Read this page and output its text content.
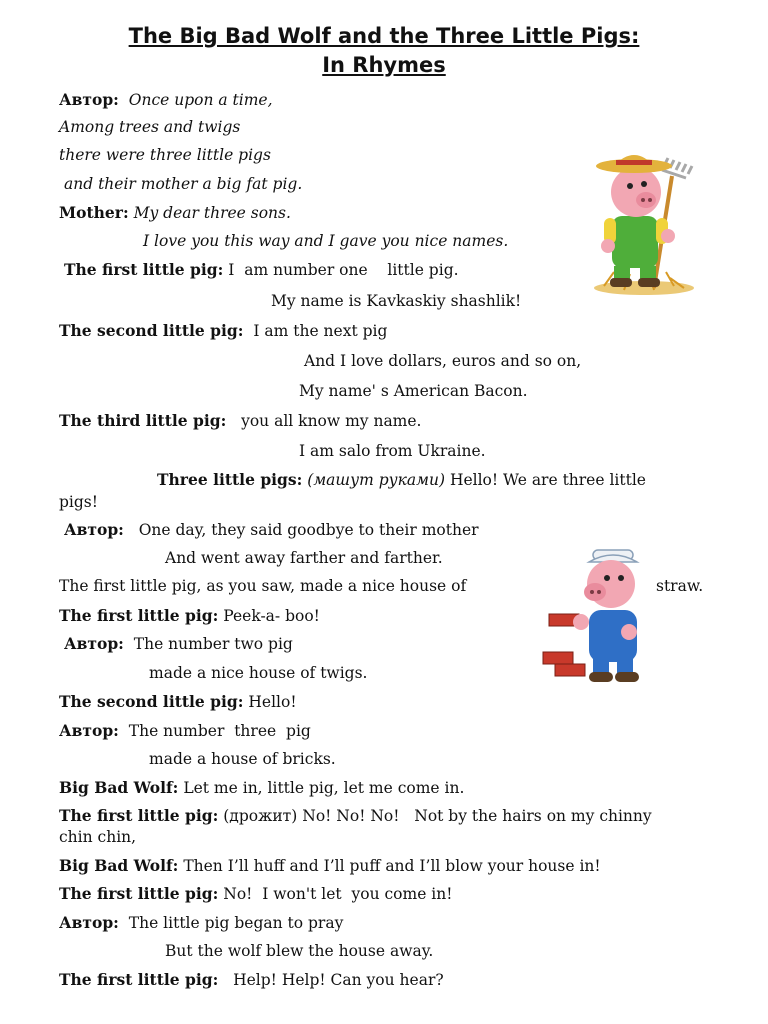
The Big Bad Wolf and the Three Little Pigs:
In Rhymes
Автор: Once upon a time,
Among trees and twigs
there were three little pigs
and their mother a big fat pig.
Mother: My dear three sons.
I love you this way and I gave you nice names.
The first little pig: I  am number one    little pig.
My name is Kavkaskiy shashlik!
The second little pig: I am the next pig
And I love dollars, euros and so on,
My name' s American Bacon.
The third little pig: you all know my name.
I am salo from Ukraine.
Three little pigs: (машут руками) Hello! We are three little
pigs!
Автор: One day, they said goodbye to their mother
And went away farther and farther.
The first little pig, as you saw, made a nice house of	straw.
The first little pig: Peek-a- boo!
Автор: The number two pig
made a nice house of twigs.
The second little pig: Hello!
Автор: The number  three  pig
made a house of bricks.
Big Bad Wolf: Let me in, little pig, let me come in.
The first little pig: (дрожит) No! No! No!   Not by the hairs on my chinny
chin chin,
Big Bad Wolf: Then I’ll huff and I’ll puff and I’ll blow your house in!
The first little pig: No!  I won't let  you come in!
Автор: The little pig began to pray
But the wolf blew the house away.
The first little pig: Help! Help! Can you hear?
